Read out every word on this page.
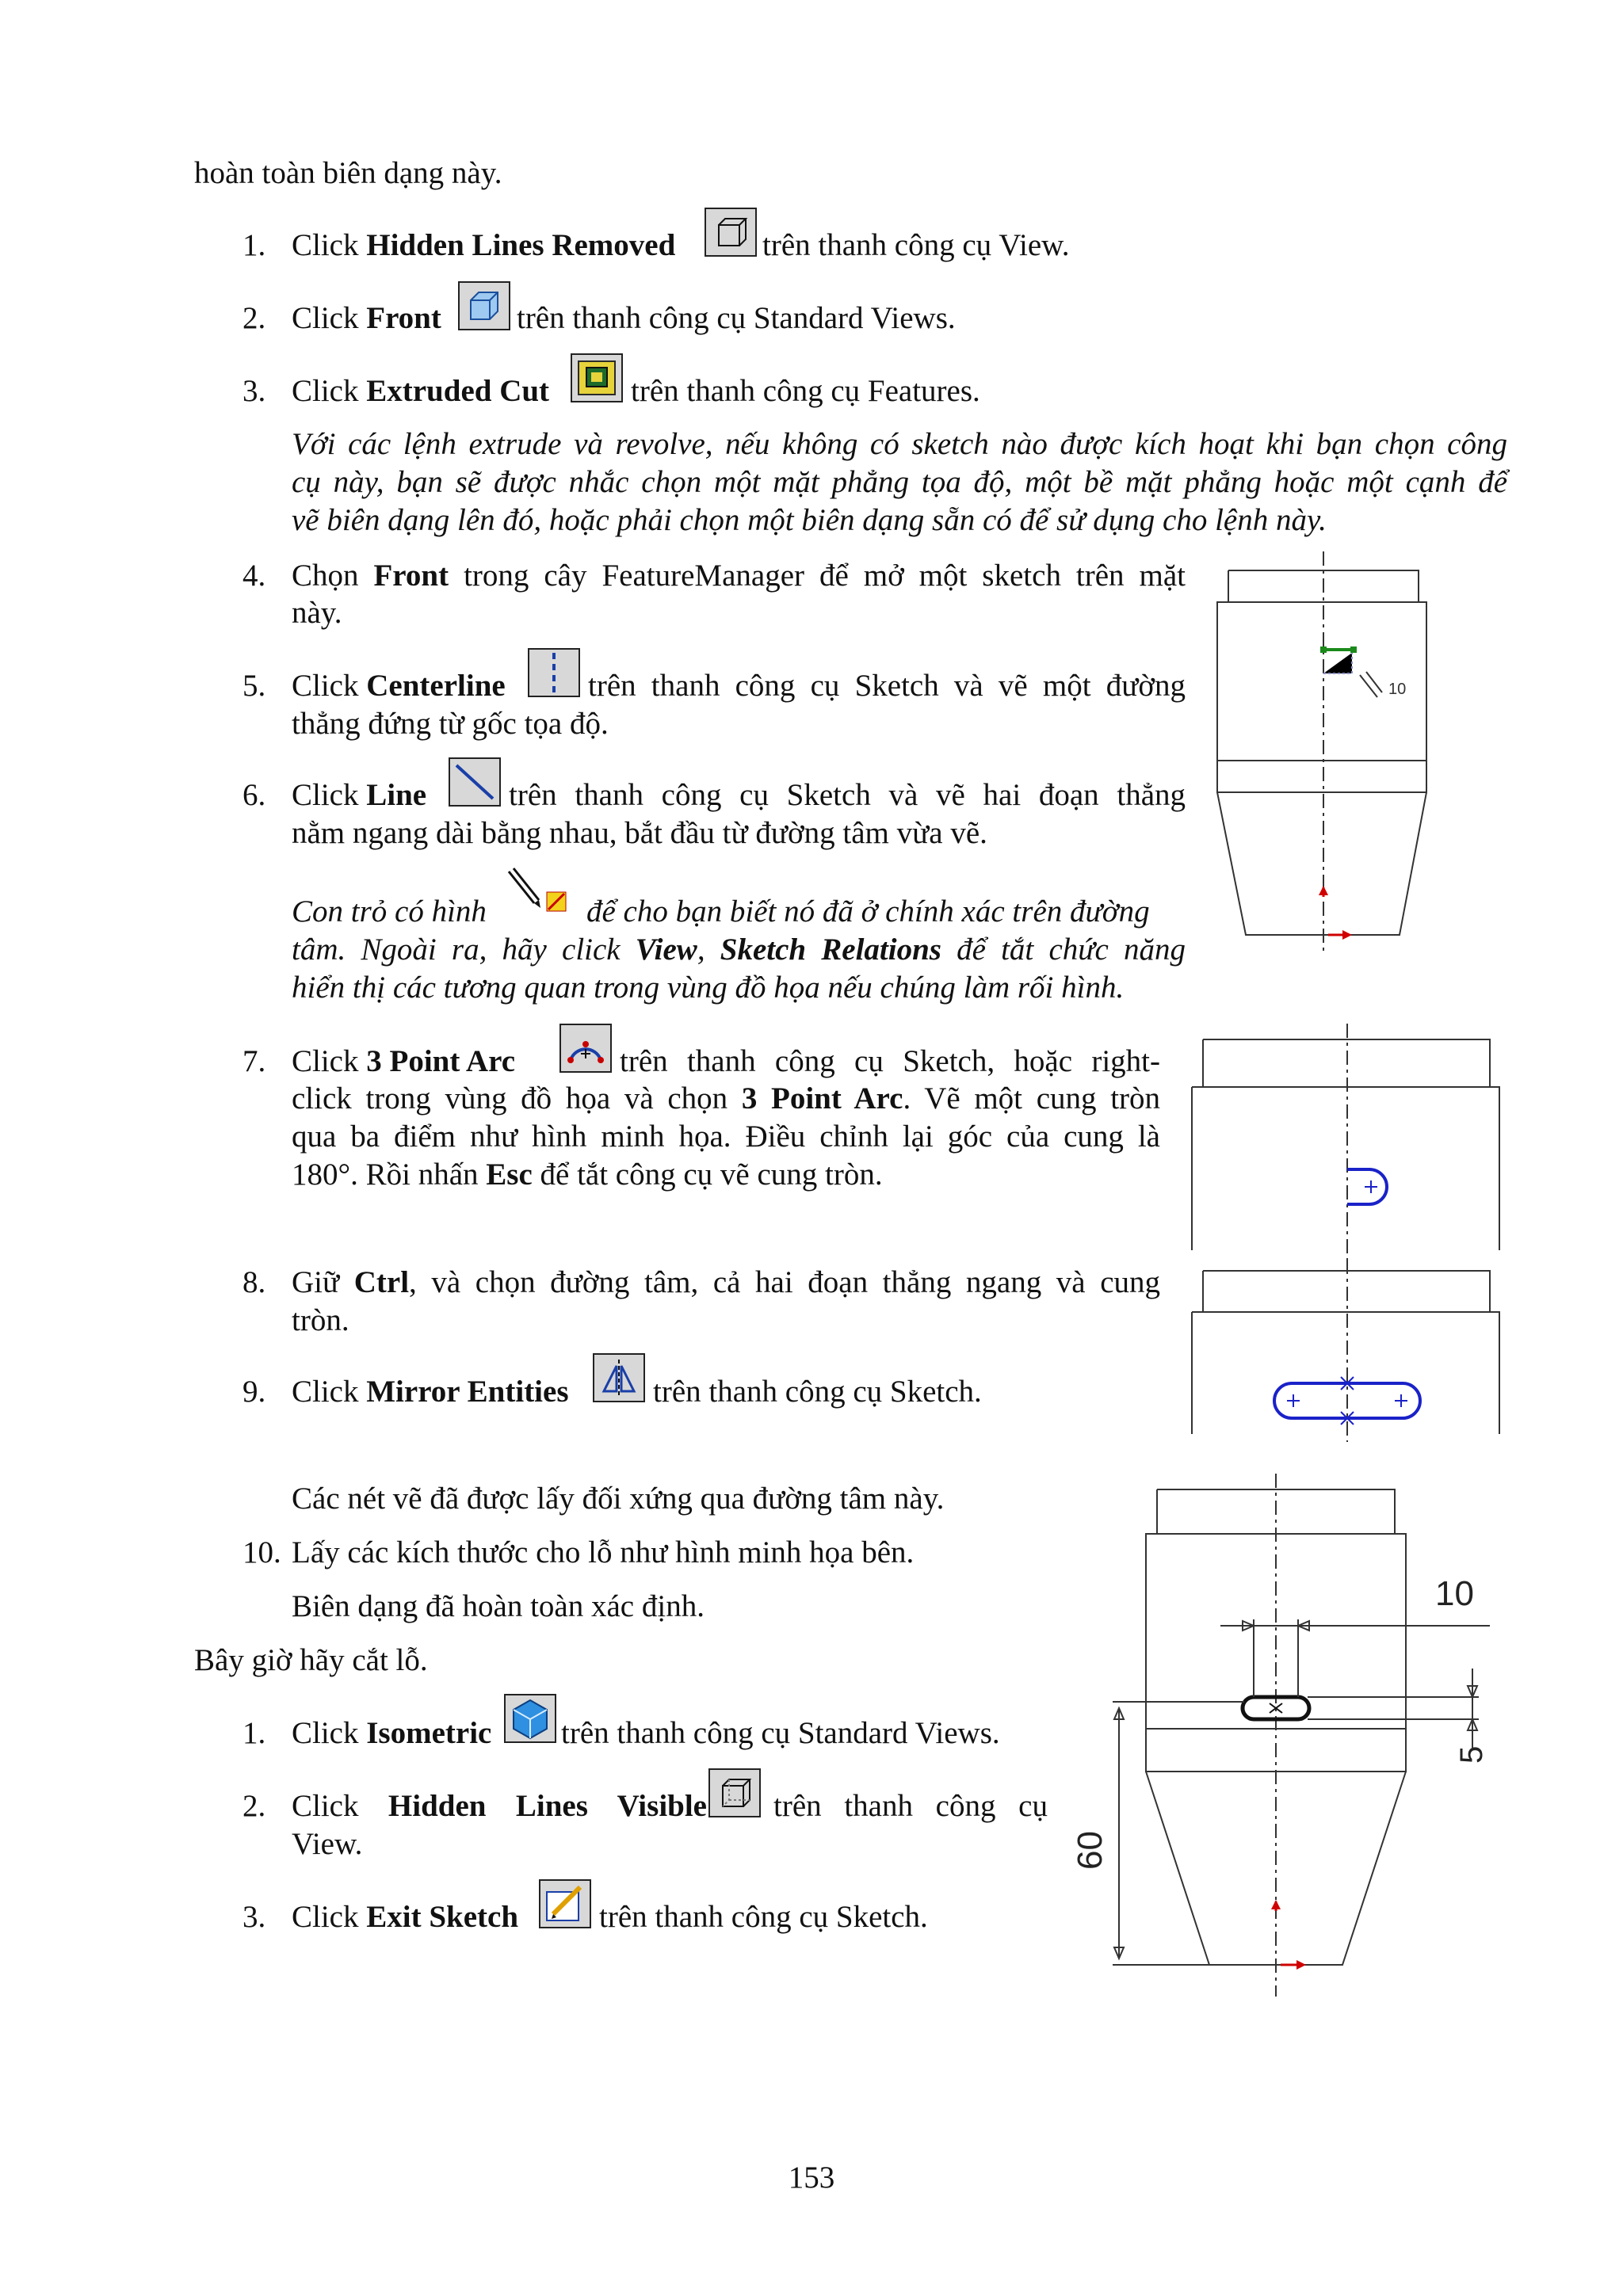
hoàn toàn biên dạng này.
1. Click Hidden Lines Removed	trên thanh công cụ View.
2. Click Front trên thanh công cụ Standard Views.
3. Click Extruded Cut	trên thanh công cụ Features.
Với các lệnh extrude và revolve, nếu không có sketch nào được kích hoạt khi bạn chọn công
cụ này, bạn sẽ được nhắc chọn một mặt phẳng tọa độ, một bề mặt phẳng hoặc một cạnh để
vẽ biên dạng lên đó, hoặc phải chọn một biên dạng sẵn có để sử dụng cho lệnh này.
4. Chọn Front trong cây FeatureManager để mở một sketch trên mặt
này.
5. Click Centerline	trên thanh công cụ Sketch và vẽ một đường
thẳng đứng từ gốc tọa độ.
6. Click Line	trên thanh công cụ Sketch và vẽ hai đoạn thẳng
nằm ngang dài bằng nhau, bắt đầu từ đường tâm vừa vẽ.
Con trỏ có hình	để cho bạn biết nó đã ở chính xác trên đường
tâm. Ngoài ra, hãy click View, Sketch Relations để tắt chức năng
hiển thị các tương quan trong vùng đồ họa nếu chúng làm rối hình.
7. Click 3 Point Arc	trên thanh công cụ Sketch, hoặc right-
click trong vùng đồ họa và chọn 3 Point Arc. Vẽ một cung tròn
qua ba điểm như hình minh họa. Điều chỉnh lại góc của cung là
180°. Rồi nhấn Esc để tắt công cụ vẽ cung tròn.
8. Giữ Ctrl, và chọn đường tâm, cả hai đoạn thẳng ngang và cung
tròn.
9. Click Mirror Entities	trên thanh công cụ Sketch.
Các nét vẽ đã được lấy đối xứng qua đường tâm này.
10. Lấy các kích thước cho lỗ như hình minh họa bên.
Biên dạng đã hoàn toàn xác định.
Bây giờ hãy cắt lỗ.
1. Click Isometric trên thanh công cụ Standard Views.
2. Click Hidden Lines Visible trên thanh công cụ
View.
3. Click Exit Sketch	trên thanh công cụ Sketch.
10
10
5
60
153
